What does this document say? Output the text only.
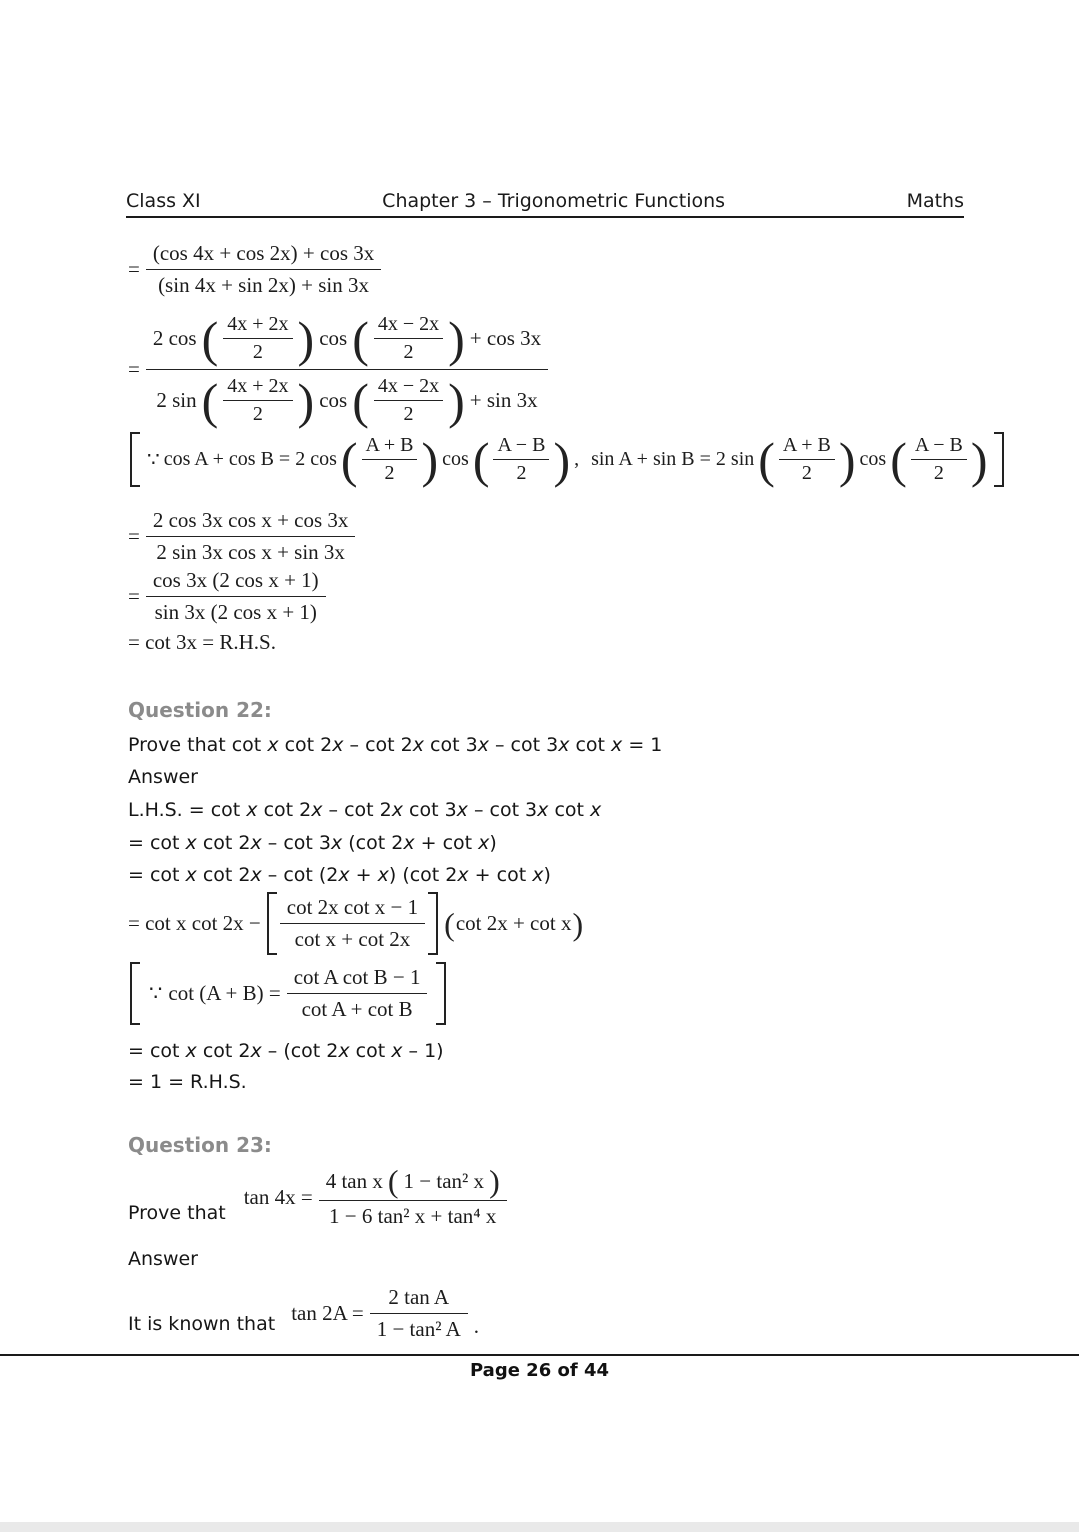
Class XI	Chapter 3 – Trigonometric Functions	Maths
= $\frac{(\cos 4x + \cos 2x) + \cos 3x}{(\sin 4x + \sin 2x) + \sin 3x}$
=
2 cos ( $\frac{4x + 2x}{2}$ ) cos ( $\frac{4x - 2x}{2}$ ) + cos 3x
2 sin ( $\frac{4x + 2x}{2}$ ) cos ( $\frac{4x - 2x}{2}$ ) + sin 3x
∵ cos A + cos B = 2 cos ( $\frac{A + B}{2}$ ) cos ( $\frac{A - B}{2}$ ) , sin A + sin B = 2 sin ( $\frac{A + B}{2}$ ) cos ( $\frac{A - B}{2}$ )
= $\frac{\text{2 cos 3x cos x + cos 3x}}{\text{2 sin 3x cos x + sin 3x}}$
= $\frac{\text{cos 3x (2 cos x + 1)}}{\text{sin 3x (2 cos x + 1)}}$
= cot 3x = R.H.S.
Question 22:
Prove that cot x cot 2x – cot 2x cot 3x – cot 3x cot x = 1
Answer
L.H.S. = cot x cot 2x – cot 2x cot 3x – cot 3x cot x
= cot x cot 2x – cot 3x (cot 2x + cot x)
= cot x cot 2x – cot (2x + x) (cot 2x + cot x)
= cot x $\cot 2x - \frac{\text{cot 2x cot x − 1}}{\text{cot x + cot 2x}}$ ( cot 2x + cot x )
∵ $\cot (A + B) = \frac{\text{cot A cot B − 1}}{\text{cot A + cot B}}$
= cot x cot 2x – (cot 2x cot x – 1)
= 1 = R.H.S.
Question 23:
Prove that
$\tan 4x = \frac{\text{4 tan x ( 1 − tan² x )}}{\text{1 − 6 tan² x + tan⁴ x}}$
Answer
It is known that $\tan 2A = \frac{\text{2 tan A}}{\text{1 − tan² A}}$ .
Page 26 of 44
